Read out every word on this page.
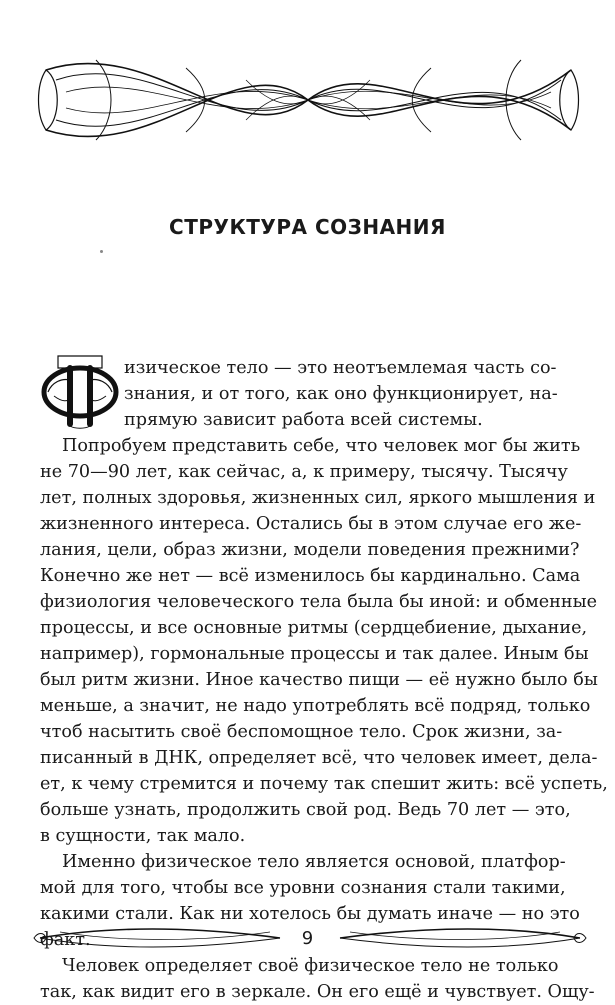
СТРУКТУРА СОЗНАНИЯ
изическое тело — это неотъемлемая часть со-
знания, и от того, как оно функционирует, на-
прямую зависит работа всей системы.
Попробуем представить себе, что человек мог бы жить
не 70—90 лет, как сейчас, а, к примеру, тысячу. Тысячу
лет, полных здоровья, жизненных сил, яркого мышления и
жизненного интереса. Остались бы в этом случае его же-
лания, цели, образ жизни, модели поведения прежними?
Конечно же нет — всё изменилось бы кардинально. Сама
физиология человеческого тела была бы иной: и обменные
процессы, и все основные ритмы (сердцебиение, дыхание,
например), гормональные процессы и так далее. Иным бы
был ритм жизни. Иное качество пищи — её нужно было бы
меньше, а значит, не надо употреблять всё подряд, только
чтоб насытить своё беспомощное тело. Срок жизни, за-
писанный в ДНК, определяет всё, что человек имеет, дела-
ет, к чему стремится и почему так спешит жить: всё успеть,
больше узнать, продолжить свой род. Ведь 70 лет — это,
в сущности, так мало.
Именно физическое тело является основой, платфор-
мой для того, чтобы все уровни сознания стали такими,
какими стали. Как ни хотелось бы думать иначе — но это
факт.
Человек определяет своё физическое тело не только
так, как видит его в зеркале. Он его ещё и чувствует. Ощу-
9
